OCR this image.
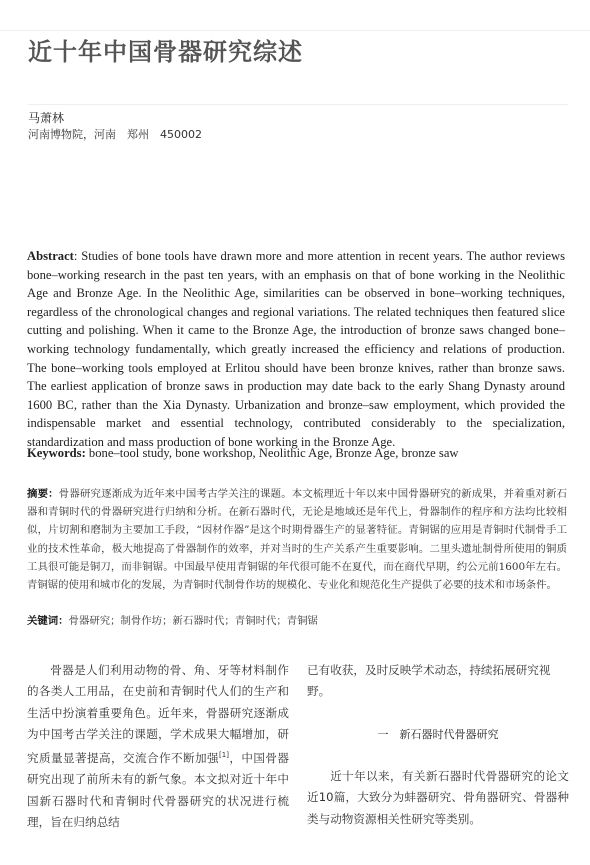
近十年中国骨器研究综述
马萧林
河南博物院，河南　郑州　450002
Abstract: Studies of bone tools have drawn more and more attention in recent years. The author reviews bone–working research in the past ten years, with an emphasis on that of bone working in the Neolithic Age and Bronze Age. In the Neolithic Age, similarities can be observed in bone–working techniques, regardless of the chronological changes and regional variations. The related techniques then featured slice cutting and polishing. When it came to the Bronze Age, the introduction of bronze saws changed bone–working technology fundamentally, which greatly increased the efficiency and relations of production. The bone–working tools employed at Erlitou should have been bronze knives, rather than bronze saws. The earliest application of bronze saws in production may date back to the early Shang Dynasty around 1600 BC, rather than the Xia Dynasty. Urbanization and bronze–saw employment, which provided the indispensable market and essential technology, contributed considerably to the specialization, standardization and mass production of bone working in the Bronze Age.
Keywords: bone–tool study, bone workshop, Neolithic Age, Bronze Age, bronze saw
摘要：骨器研究逐渐成为近年来中国考古学关注的课题。本文梳理近十年以来中国骨器研究的新成果，并着重对新石器和青铜时代的骨器研究进行归纳和分析。在新石器时代，无论是地域还是年代上，骨器制作的程序和方法均比较相似，片切割和磨制为主要加工手段，“因材作器”是这个时期骨器生产的显著特征。青铜锯的应用是青铜时代制骨手工业的技术性革命，极大地提高了骨器制作的效率，并对当时的生产关系产生重要影响。二里头遗址制骨所使用的铜质工具很可能是铜刀，而非铜锯。中国最早使用青铜锯的年代很可能不在夏代，而在商代早期，约公元前1600年左右。青铜锯的使用和城市化的发展，为青铜时代制骨作坊的规模化、专业化和规范化生产提供了必要的技术和市场条件。
关键词：骨器研究；制骨作坊；新石器时代；青铜时代；青铜锯
骨器是人们利用动物的骨、角、牙等材料制作的各类人工用品，在史前和青铜时代人们的生产和生活中扮演着重要角色。近年来，骨器研究逐渐成为中国考古学关注的课题，学术成果大幅增加，研究质量显著提高，交流合作不断加强[1]，中国骨器研究出现了前所未有的新气象。本文拟对近十年中国新石器时代和青铜时代骨器研究的状况进行梳理，旨在归纳总结
已有收获，及时反映学术动态，持续拓展研究视野。
一　新石器时代骨器研究
近十年以来，有关新石器时代骨器研究的论文近10篇，大致分为蚌器研究、骨角器研究、骨器种类与动物资源相关性研究等类别。
